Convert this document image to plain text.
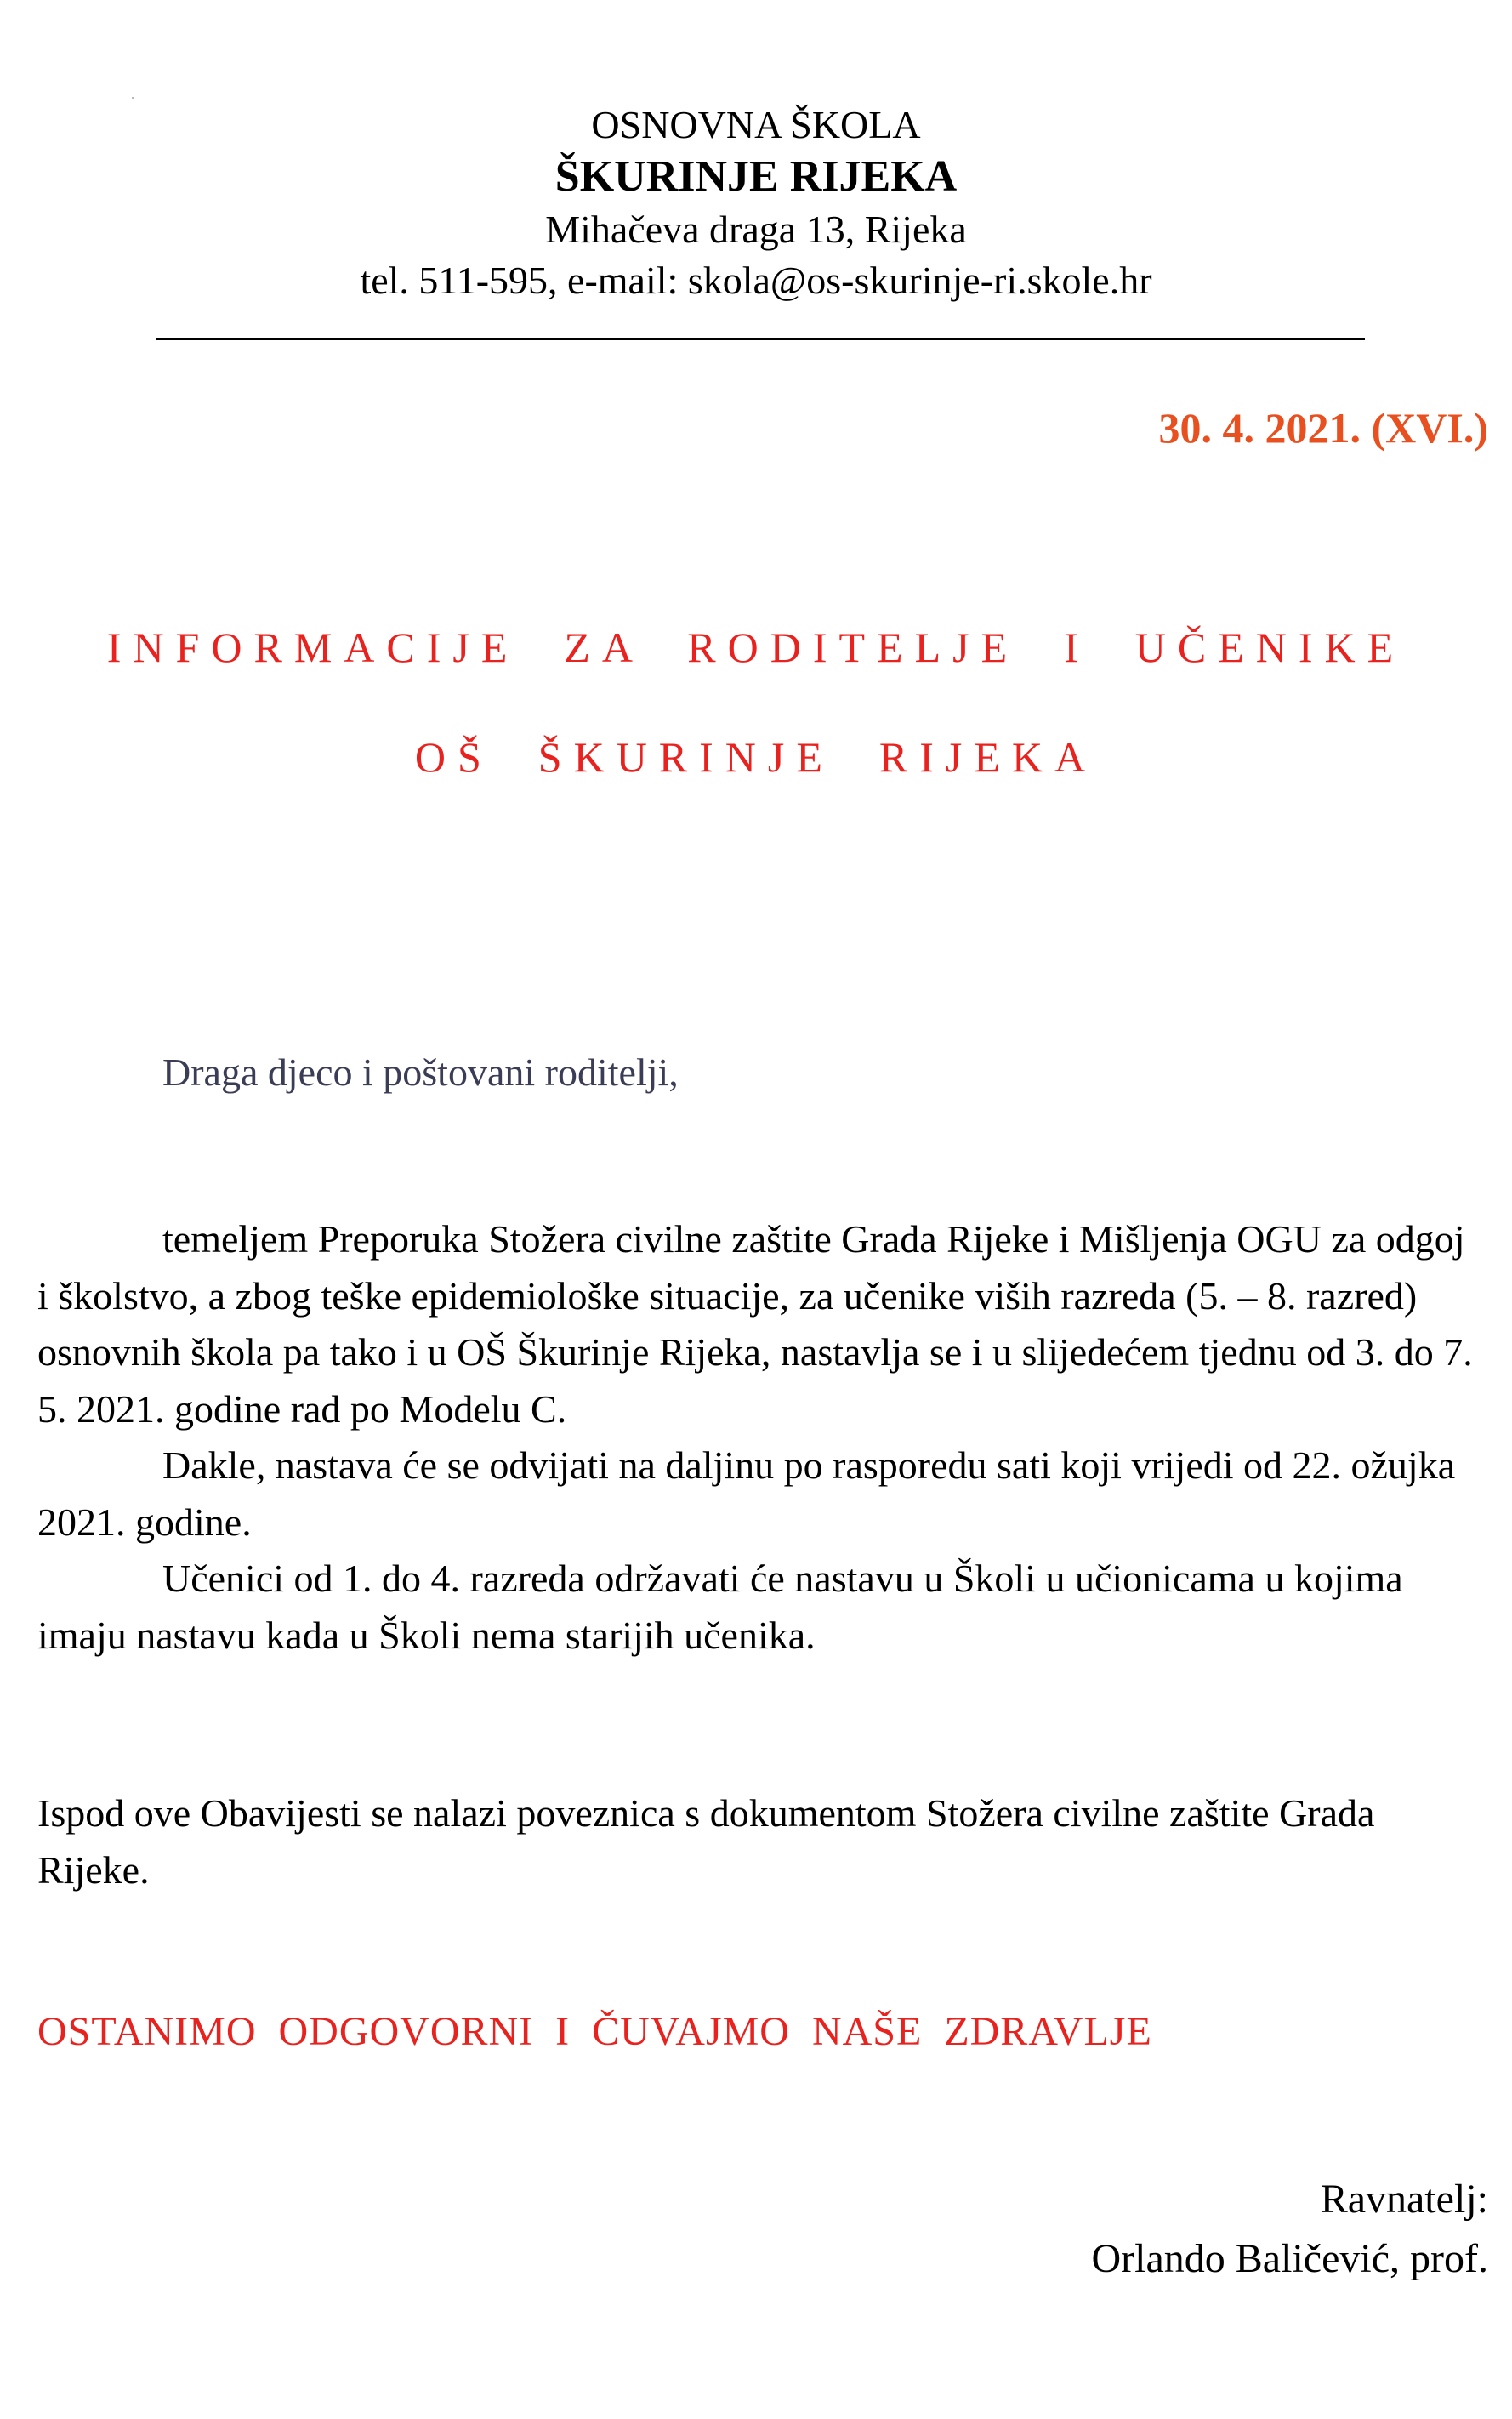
OSNOVNA ŠKOLA
ŠKURINJE RIJEKA
Mihačeva draga 13, Rijeka
tel. 511-595, e-mail: skola@os-skurinje-ri.skole.hr
30. 4. 2021. (XVI.)
INFORMACIJE  ZA  RODITELJE  I  UČENIKE
OŠ  ŠKURINJE  RIJEKA
Draga djeco i poštovani roditelji,

temeljem Preporuka Stožera civilne zaštite Grada Rijeke i Mišljenja OGU za odgoj i školstvo, a zbog teške epidemiološke situacije, za učenike viših razreda (5. – 8. razred) osnovnih škola pa tako i u OŠ Škurinje Rijeka, nastavlja se i u slijedećem tjednu od 3. do 7. 5. 2021. godine rad po Modelu C.

Dakle, nastava će se odvijati na daljinu po rasporedu sati koji vrijedi od 22. ožujka 2021. godine.

Učenici od 1. do 4. razreda održavati će nastavu u Školi u učionicama u kojima imaju nastavu kada u Školi nema starijih učenika.

Ispod ove Obavijesti se nalazi poveznica s dokumentom Stožera civilne zaštite Grada Rijeke.
OSTANIMO  ODGOVORNI  I  ČUVAJMO  NAŠE  ZDRAVLJE
Ravnatelj:
Orlando Baličević, prof.
